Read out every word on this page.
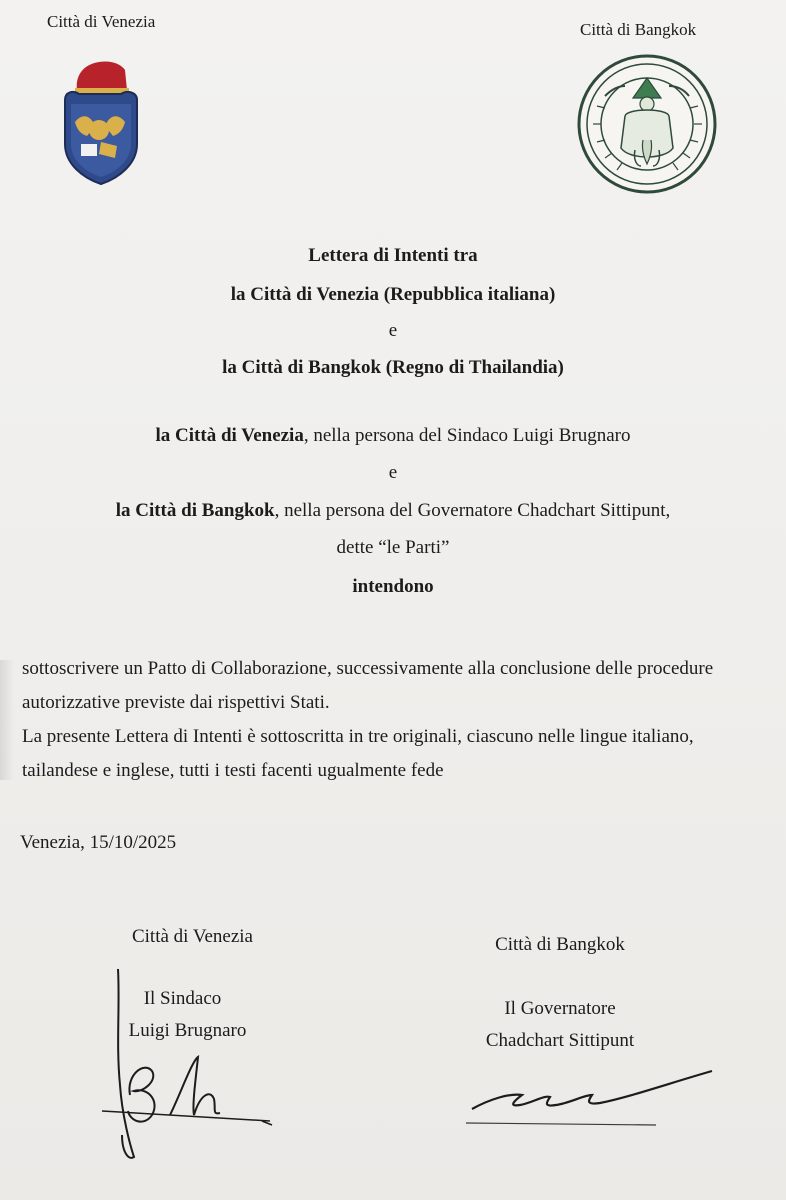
Città di Venezia	Città di Bangkok
Lettera di Intenti tra
la Città di Venezia (Repubblica italiana)
e
la Città di Bangkok (Regno di Thailandia)
la Città di Venezia, nella persona del Sindaco Luigi Brugnaro
e
la Città di Bangkok, nella persona del Governatore Chadchart Sittipunt,
dette “le Parti”
intendono

sottoscrivere un Patto di Collaborazione, successivamente alla conclusione delle procedure autorizzative previste dai rispettivi Stati.

La presente Lettera di Intenti è sottoscritta in tre originali, ciascuno nelle lingue italiano, tailandese e inglese, tutti i testi facenti ugualmente fede

Venezia, 15/10/2025
Città di Venezia
Il Sindaco
Luigi Brugnaro
Città di Bangkok
Il Governatore
Chadchart Sittipunt
